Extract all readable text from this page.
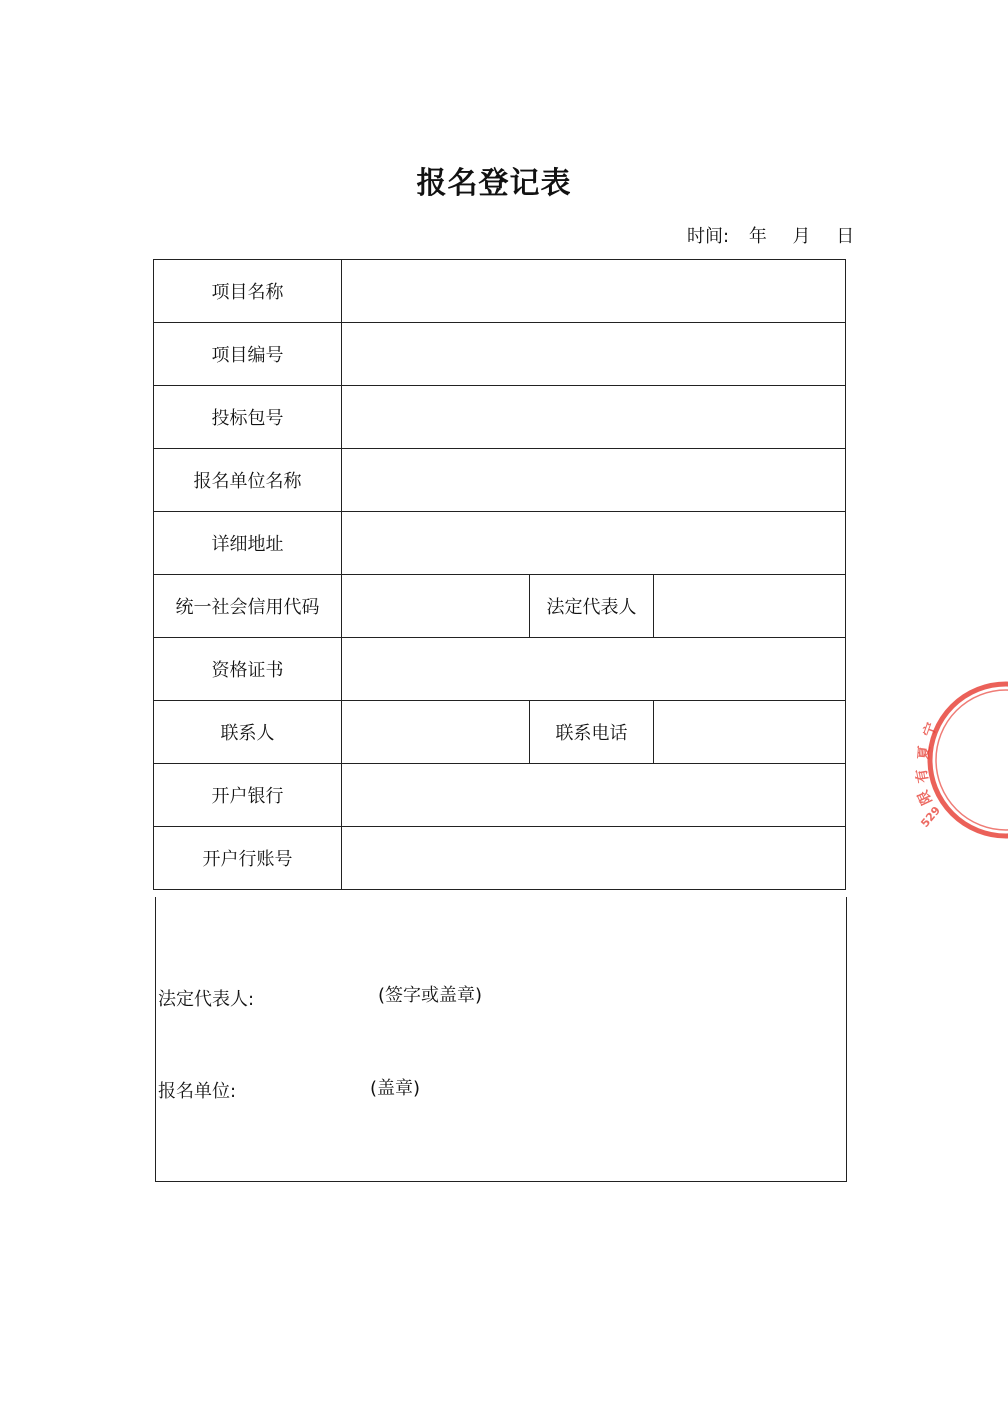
报名登记表
时间: 年 月 日
项目名称			
项目编号			
投标包号			
报名单位名称			
详细地址			
统一社会信用代码		法定代表人	
资格证书			
联系人		联系电话	
开户银行			
开户行账号			
法定代表人:	(签字或盖章)
报名单位:	(盖章)
宁
夏
有
限
529
